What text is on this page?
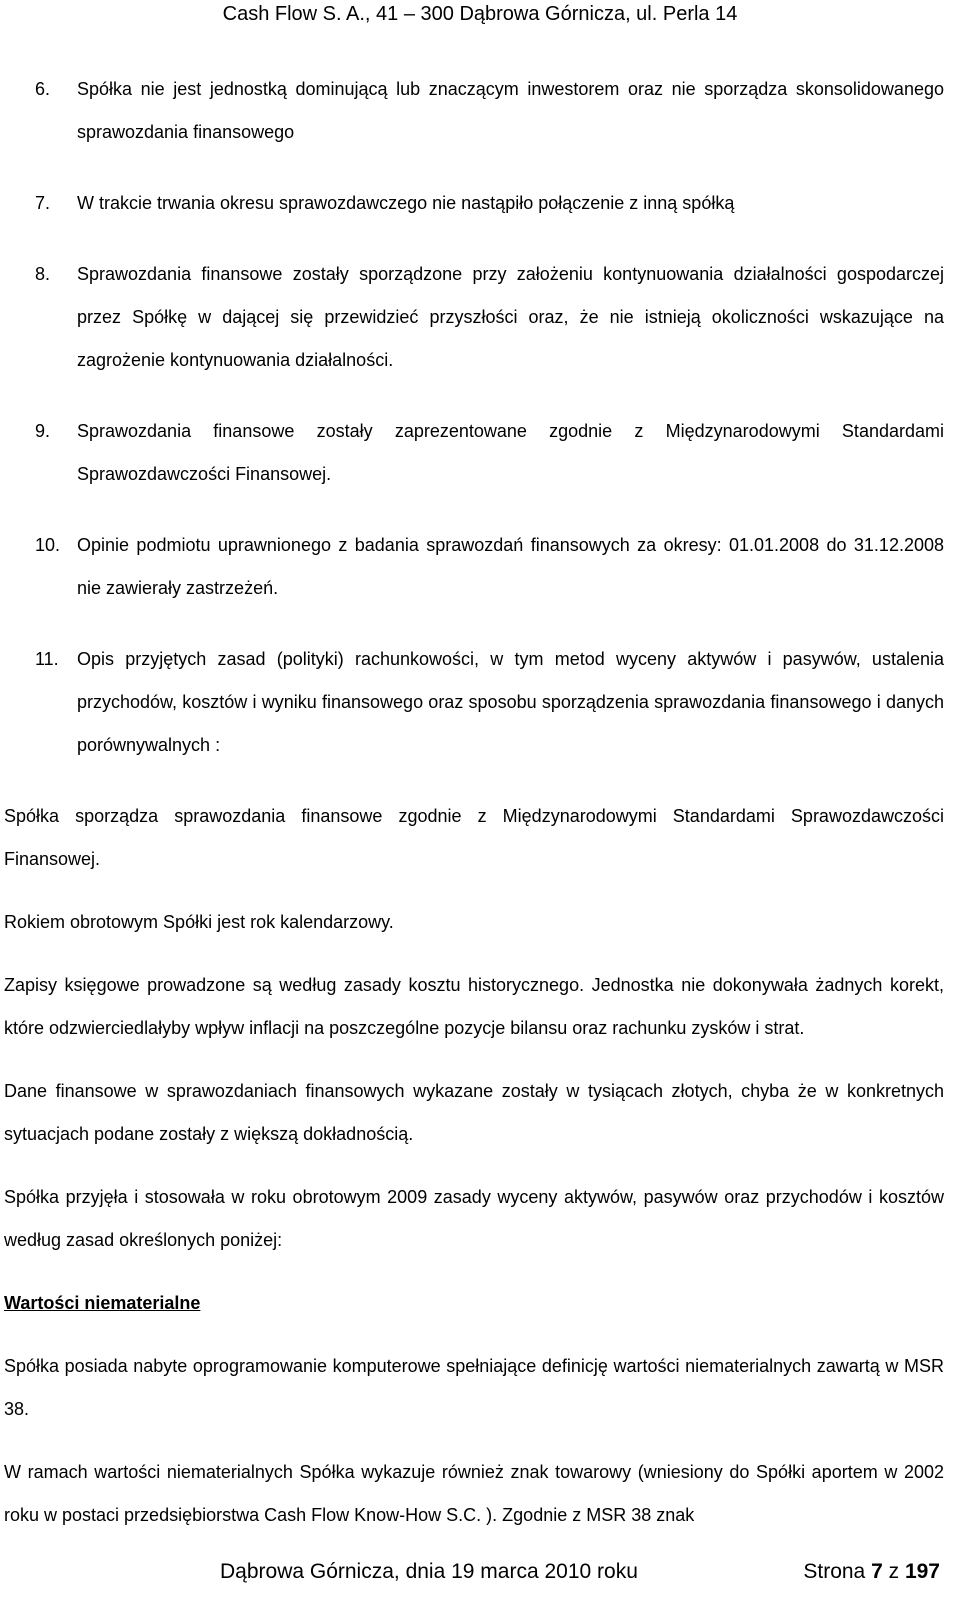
Cash Flow S. A., 41 – 300 Dąbrowa Górnicza, ul. Perla 14
6. Spółka nie jest jednostką dominującą lub znaczącym inwestorem oraz nie sporządza skonsolidowanego sprawozdania finansowego
7. W trakcie trwania okresu sprawozdawczego nie nastąpiło połączenie z inną spółką
8. Sprawozdania finansowe zostały sporządzone przy założeniu kontynuowania działalności gospodarczej przez Spółkę w dającej się przewidzieć przyszłości oraz, że nie istnieją okoliczności wskazujące na zagrożenie kontynuowania działalności.
9. Sprawozdania finansowe zostały zaprezentowane zgodnie z Międzynarodowymi Standardami Sprawozdawczości Finansowej.
10. Opinie podmiotu uprawnionego z badania sprawozdań finansowych za okresy: 01.01.2008 do 31.12.2008 nie zawierały zastrzeżeń.
11. Opis przyjętych zasad (polityki) rachunkowości, w tym metod wyceny aktywów i pasywów, ustalenia przychodów, kosztów i wyniku finansowego oraz sposobu sporządzenia sprawozdania finansowego i danych porównywalnych :

Spółka sporządza sprawozdania finansowe zgodnie z Międzynarodowymi Standardami Sprawozdawczości Finansowej.

Rokiem obrotowym Spółki jest rok kalendarzowy.

Zapisy księgowe prowadzone są według zasady kosztu historycznego. Jednostka nie dokonywała żadnych korekt, które odzwierciedlałyby wpływ inflacji na poszczególne pozycje bilansu oraz rachunku zysków i strat.

Dane finansowe w sprawozdaniach finansowych wykazane zostały w tysiącach złotych, chyba że w konkretnych sytuacjach podane zostały z większą dokładnością.

Spółka przyjęła i stosowała w roku obrotowym 2009 zasady wyceny aktywów, pasywów oraz przychodów i kosztów według zasad określonych poniżej:

Wartości niematerialne

Spółka posiada nabyte oprogramowanie komputerowe spełniające definicję wartości niematerialnych zawartą w MSR 38.

W ramach wartości niematerialnych Spółka wykazuje również znak towarowy (wniesiony do Spółki aportem w 2002 roku w postaci przedsiębiorstwa Cash Flow Know-How S.C. ). Zgodnie z MSR 38 znak

Dąbrowa Górnicza, dnia 19 marca 2010 roku	Strona 7 z 197
